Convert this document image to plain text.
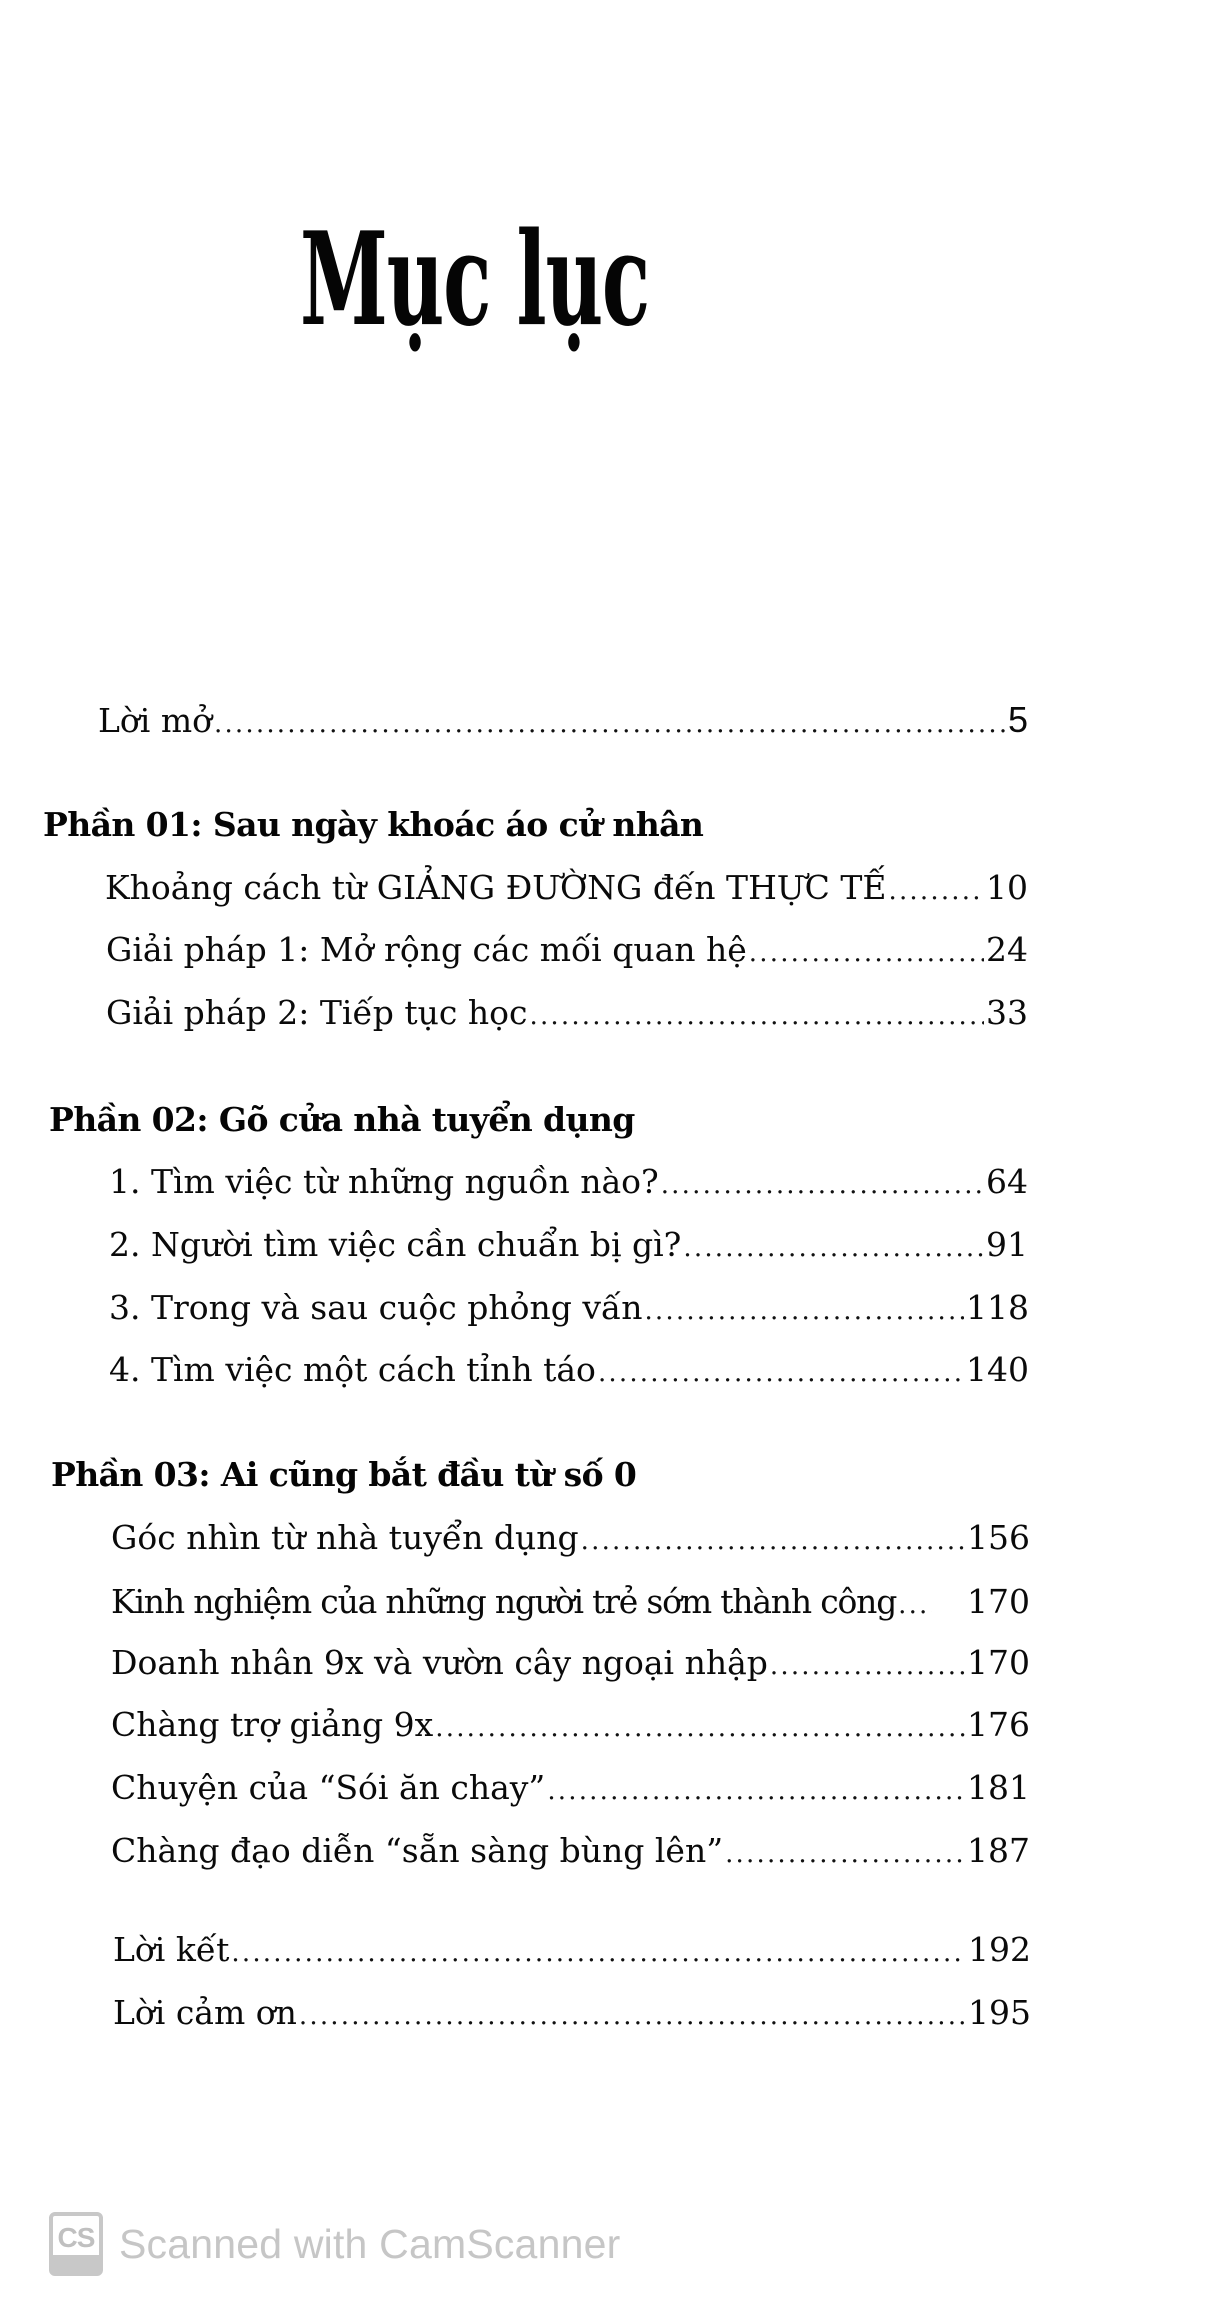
Mục lục
Lời mở .....	5
Phần 01: Sau ngày khoác áo cử nhân
Khoảng cách từ GIẢNG ĐƯỜNG đến THỰC TẾ .....	10
Giải pháp 1: Mở rộng các mối quan hệ .....	24
Giải pháp 2: Tiếp tục học .....	33
Phần 02: Gõ cửa nhà tuyển dụng
1. Tìm việc từ những nguồn nào? .....	64
2. Người tìm việc cần chuẩn bị gì? .....	91
3. Trong và sau cuộc phỏng vấn .....	118
4. Tìm việc một cách tỉnh táo .....	140
Phần 03: Ai cũng bắt đầu từ số 0
Góc nhìn từ nhà tuyển dụng .....	156
Kinh nghiệm của những người trẻ sớm thành công ..... 170
Doanh nhân 9x và vườn cây ngoại nhập .....	170
Chàng trợ giảng 9x .....	176
Chuyện của “Sói ăn chay” .....	181
Chàng đạo diễn “sẵn sàng bùng lên” .....	187
Lời kết .....	192
Lời cảm ơn .....	195
CS Scanned with CamScanner
